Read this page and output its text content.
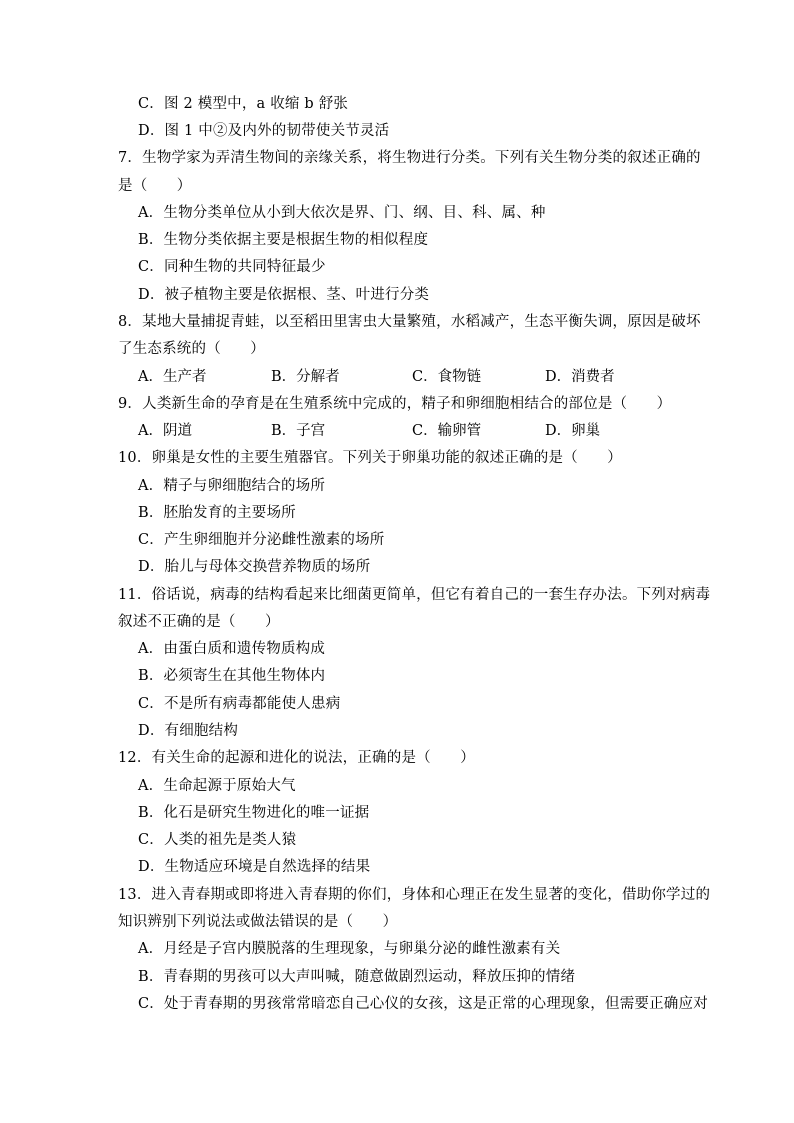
C．图 2 模型中，a 收缩 b 舒张
D．图 1 中②及内外的韧带使关节灵活
7．生物学家为弄清生物间的亲缘关系，将生物进行分类。下列有关生物分类的叙述正确的
是（　　）
A．生物分类单位从小到大依次是界、门、纲、目、科、属、种
B．生物分类依据主要是根据生物的相似程度
C．同种生物的共同特征最少
D．被子植物主要是依据根、茎、叶进行分类
8．某地大量捕捉青蛙，以至稻田里害虫大量繁殖，水稻减产，生态平衡失调，原因是破坏
了生态系统的（　　）
A．生产者	B．分解者	C．食物链	D．消费者
9．人类新生命的孕育是在生殖系统中完成的，精子和卵细胞相结合的部位是（　　）
A．阴道	B．子宫	C．输卵管	D．卵巢
10．卵巢是女性的主要生殖器官。下列关于卵巢功能的叙述正确的是（　　）
A．精子与卵细胞结合的场所
B．胚胎发育的主要场所
C．产生卵细胞并分泌雌性激素的场所
D．胎儿与母体交换营养物质的场所
11．俗话说，病毒的结构看起来比细菌更简单，但它有着自己的一套生存办法。下列对病毒
叙述不正确的是（　　）
A．由蛋白质和遗传物质构成
B．必须寄生在其他生物体内
C．不是所有病毒都能使人患病
D．有细胞结构
12．有关生命的起源和进化的说法，正确的是（　　）
A．生命起源于原始大气
B．化石是研究生物进化的唯一证据
C．人类的祖先是类人猿
D．生物适应环境是自然选择的结果
13．进入青春期或即将进入青春期的你们，身体和心理正在发生显著的变化，借助你学过的
知识辨别下列说法或做法错误的是（　　）
A．月经是子宫内膜脱落的生理现象，与卵巢分泌的雌性激素有关
B．青春期的男孩可以大声叫喊，随意做剧烈运动，释放压抑的情绪
C．处于青春期的男孩常常暗恋自己心仪的女孩，这是正常的心理现象，但需要正确应对
